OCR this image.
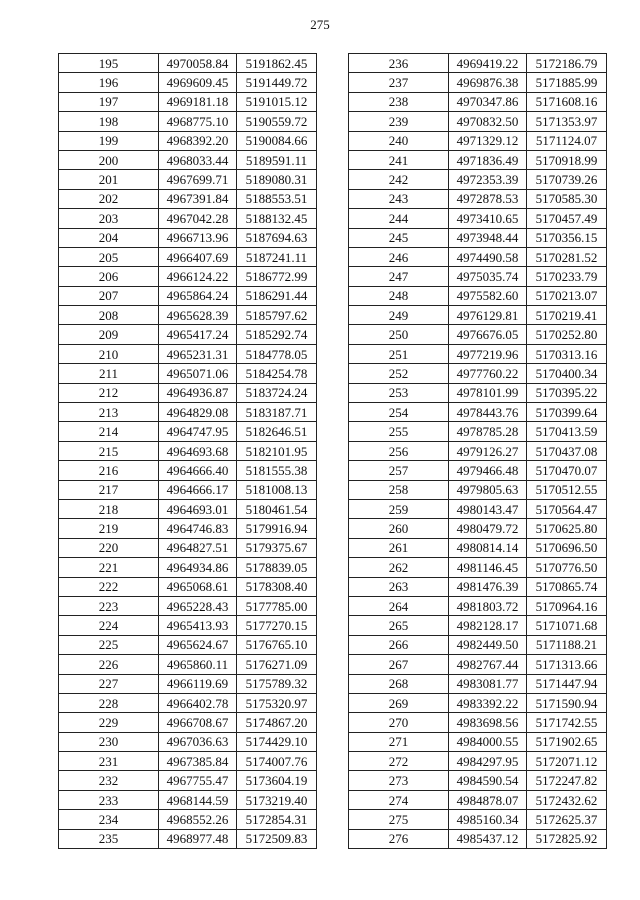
275
195	4970058.84	5191862.45
196	4969609.45	5191449.72
197	4969181.18	5191015.12
198	4968775.10	5190559.72
199	4968392.20	5190084.66
200	4968033.44	5189591.11
201	4967699.71	5189080.31
202	4967391.84	5188553.51
203	4967042.28	5188132.45
204	4966713.96	5187694.63
205	4966407.69	5187241.11
206	4966124.22	5186772.99
207	4965864.24	5186291.44
208	4965628.39	5185797.62
209	4965417.24	5185292.74
210	4965231.31	5184778.05
211	4965071.06	5184254.78
212	4964936.87	5183724.24
213	4964829.08	5183187.71
214	4964747.95	5182646.51
215	4964693.68	5182101.95
216	4964666.40	5181555.38
217	4964666.17	5181008.13
218	4964693.01	5180461.54
219	4964746.83	5179916.94
220	4964827.51	5179375.67
221	4964934.86	5178839.05
222	4965068.61	5178308.40
223	4965228.43	5177785.00
224	4965413.93	5177270.15
225	4965624.67	5176765.10
226	4965860.11	5176271.09
227	4966119.69	5175789.32
228	4966402.78	5175320.97
229	4966708.67	5174867.20
230	4967036.63	5174429.10
231	4967385.84	5174007.76
232	4967755.47	5173604.19
233	4968144.59	5173219.40
234	4968552.26	5172854.31
235	4968977.48	5172509.83
236	4969419.22	5172186.79
237	4969876.38	5171885.99
238	4970347.86	5171608.16
239	4970832.50	5171353.97
240	4971329.12	5171124.07
241	4971836.49	5170918.99
242	4972353.39	5170739.26
243	4972878.53	5170585.30
244	4973410.65	5170457.49
245	4973948.44	5170356.15
246	4974490.58	5170281.52
247	4975035.74	5170233.79
248	4975582.60	5170213.07
249	4976129.81	5170219.41
250	4976676.05	5170252.80
251	4977219.96	5170313.16
252	4977760.22	5170400.34
253	4978101.99	5170395.22
254	4978443.76	5170399.64
255	4978785.28	5170413.59
256	4979126.27	5170437.08
257	4979466.48	5170470.07
258	4979805.63	5170512.55
259	4980143.47	5170564.47
260	4980479.72	5170625.80
261	4980814.14	5170696.50
262	4981146.45	5170776.50
263	4981476.39	5170865.74
264	4981803.72	5170964.16
265	4982128.17	5171071.68
266	4982449.50	5171188.21
267	4982767.44	5171313.66
268	4983081.77	5171447.94
269	4983392.22	5171590.94
270	4983698.56	5171742.55
271	4984000.55	5171902.65
272	4984297.95	5172071.12
273	4984590.54	5172247.82
274	4984878.07	5172432.62
275	4985160.34	5172625.37
276	4985437.12	5172825.92
